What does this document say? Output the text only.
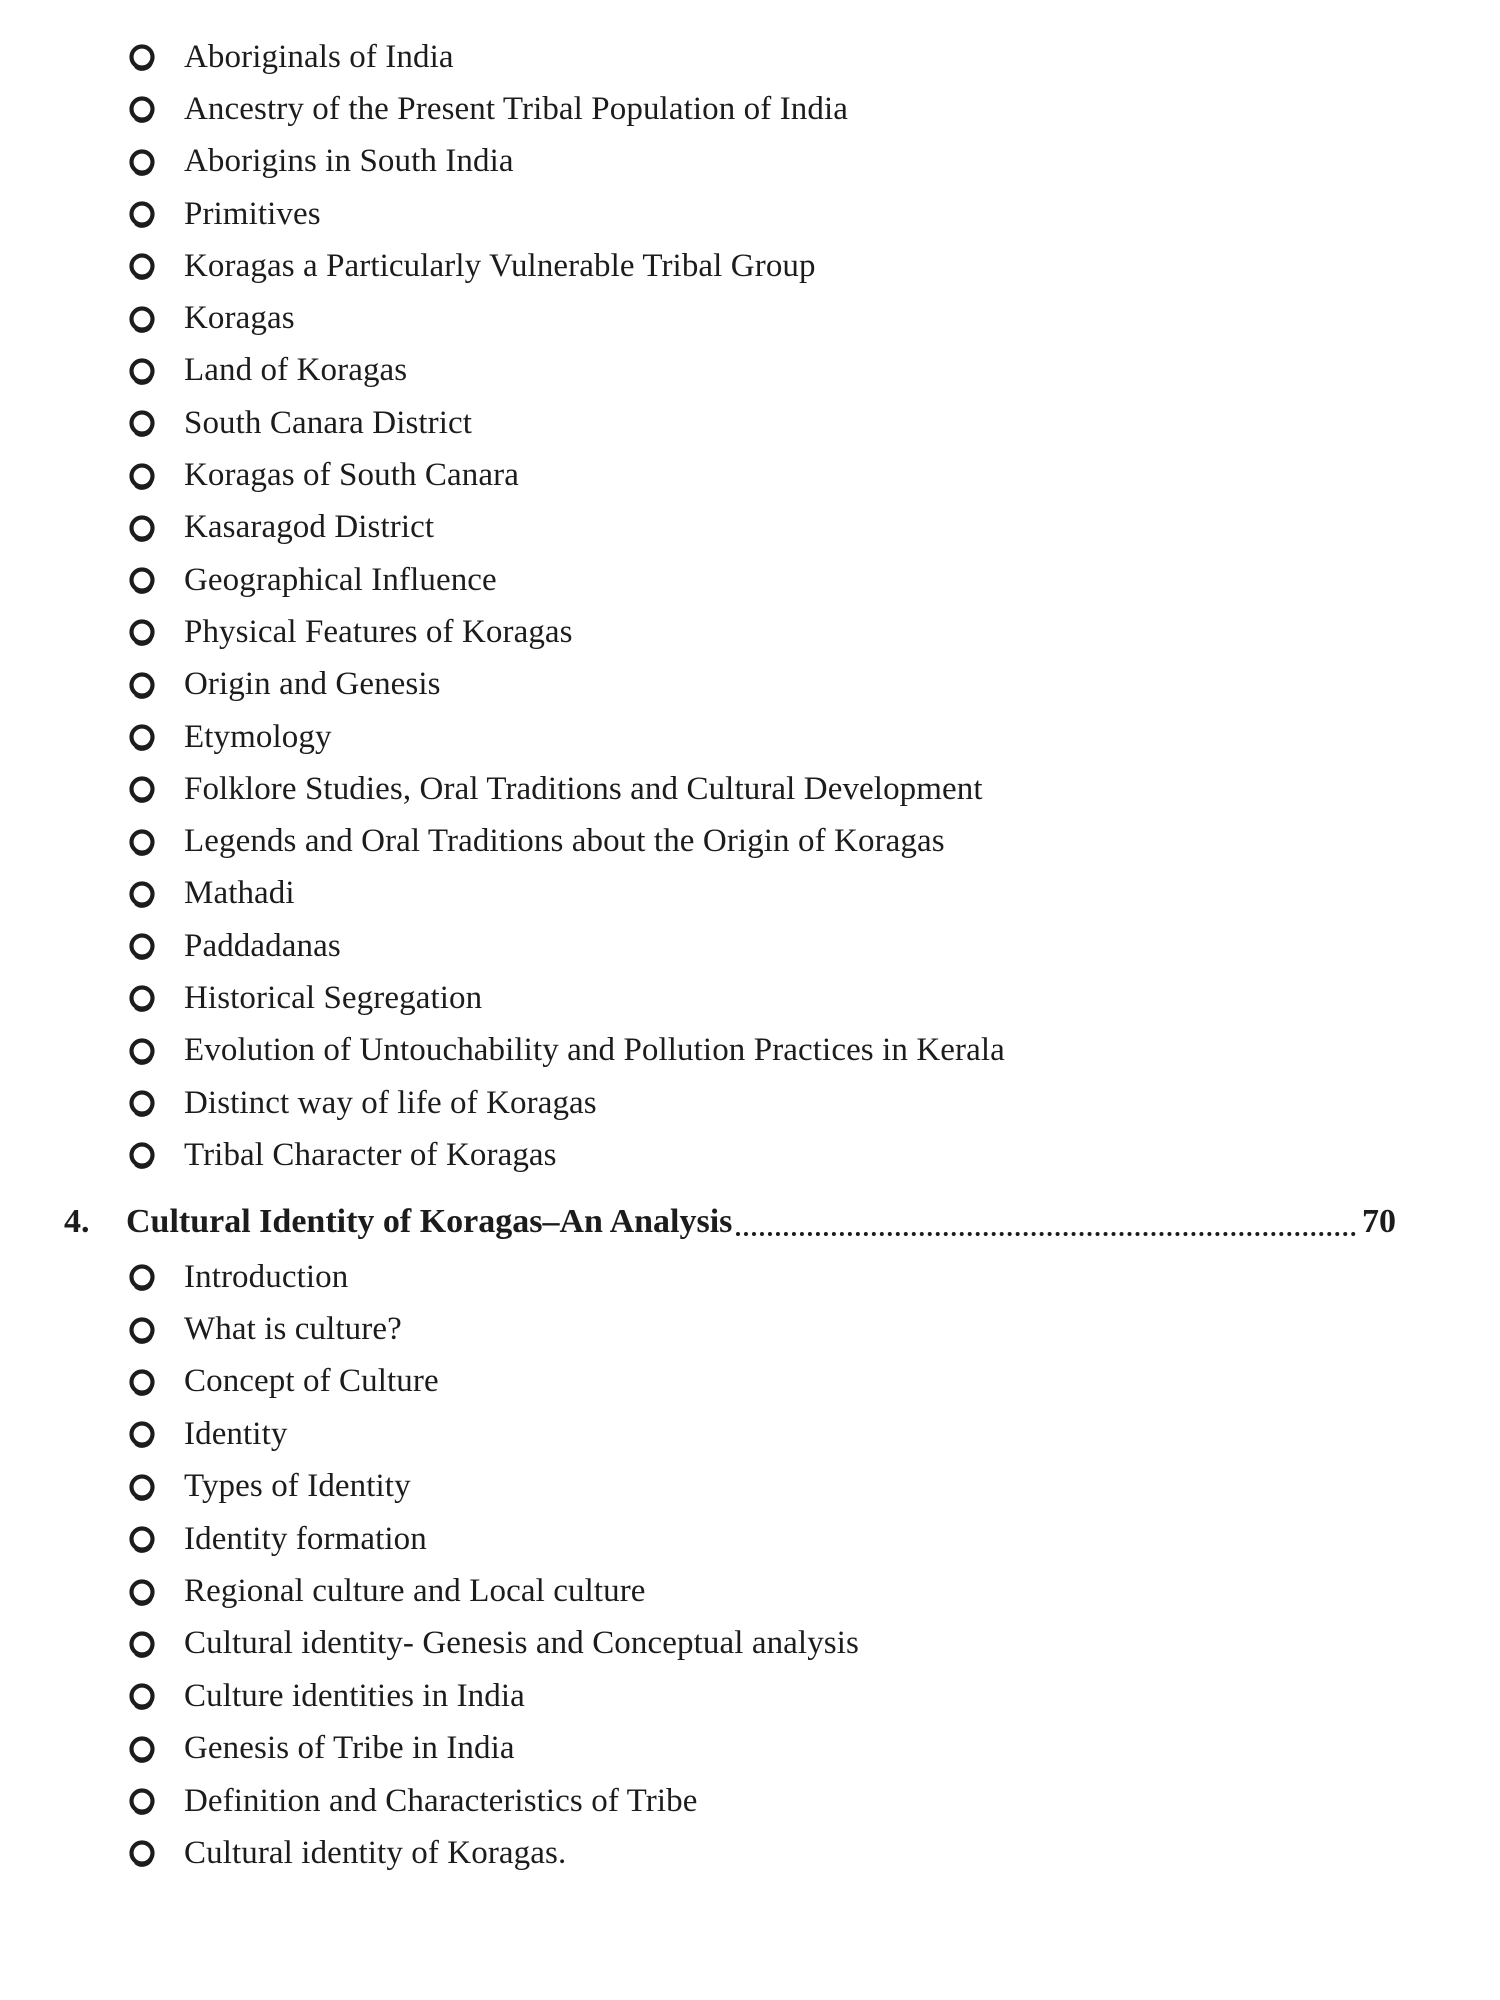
Aboriginals of India
Ancestry of the Present Tribal Population of India
Aborigins in South India
Primitives
Koragas a Particularly Vulnerable Tribal Group
Koragas
Land of Koragas
South Canara District
Koragas of South Canara
Kasaragod District
Geographical Influence
Physical Features of Koragas
Origin and Genesis
Etymology
Folklore Studies, Oral Traditions and Cultural Development
Legends and Oral Traditions about the Origin of Koragas
Mathadi
Paddadanas
Historical Segregation
Evolution of Untouchability and Pollution Practices in Kerala
Distinct way of life of Koragas
Tribal Character of Koragas
4.	Cultural Identity of Koragas–An Analysis	70
Introduction
What is culture?
Concept of Culture
Identity
Types of Identity
Identity formation
Regional culture and Local culture
Cultural identity- Genesis and Conceptual analysis
Culture identities in India
Genesis of Tribe in India
Definition and Characteristics of Tribe
Cultural identity of Koragas.
